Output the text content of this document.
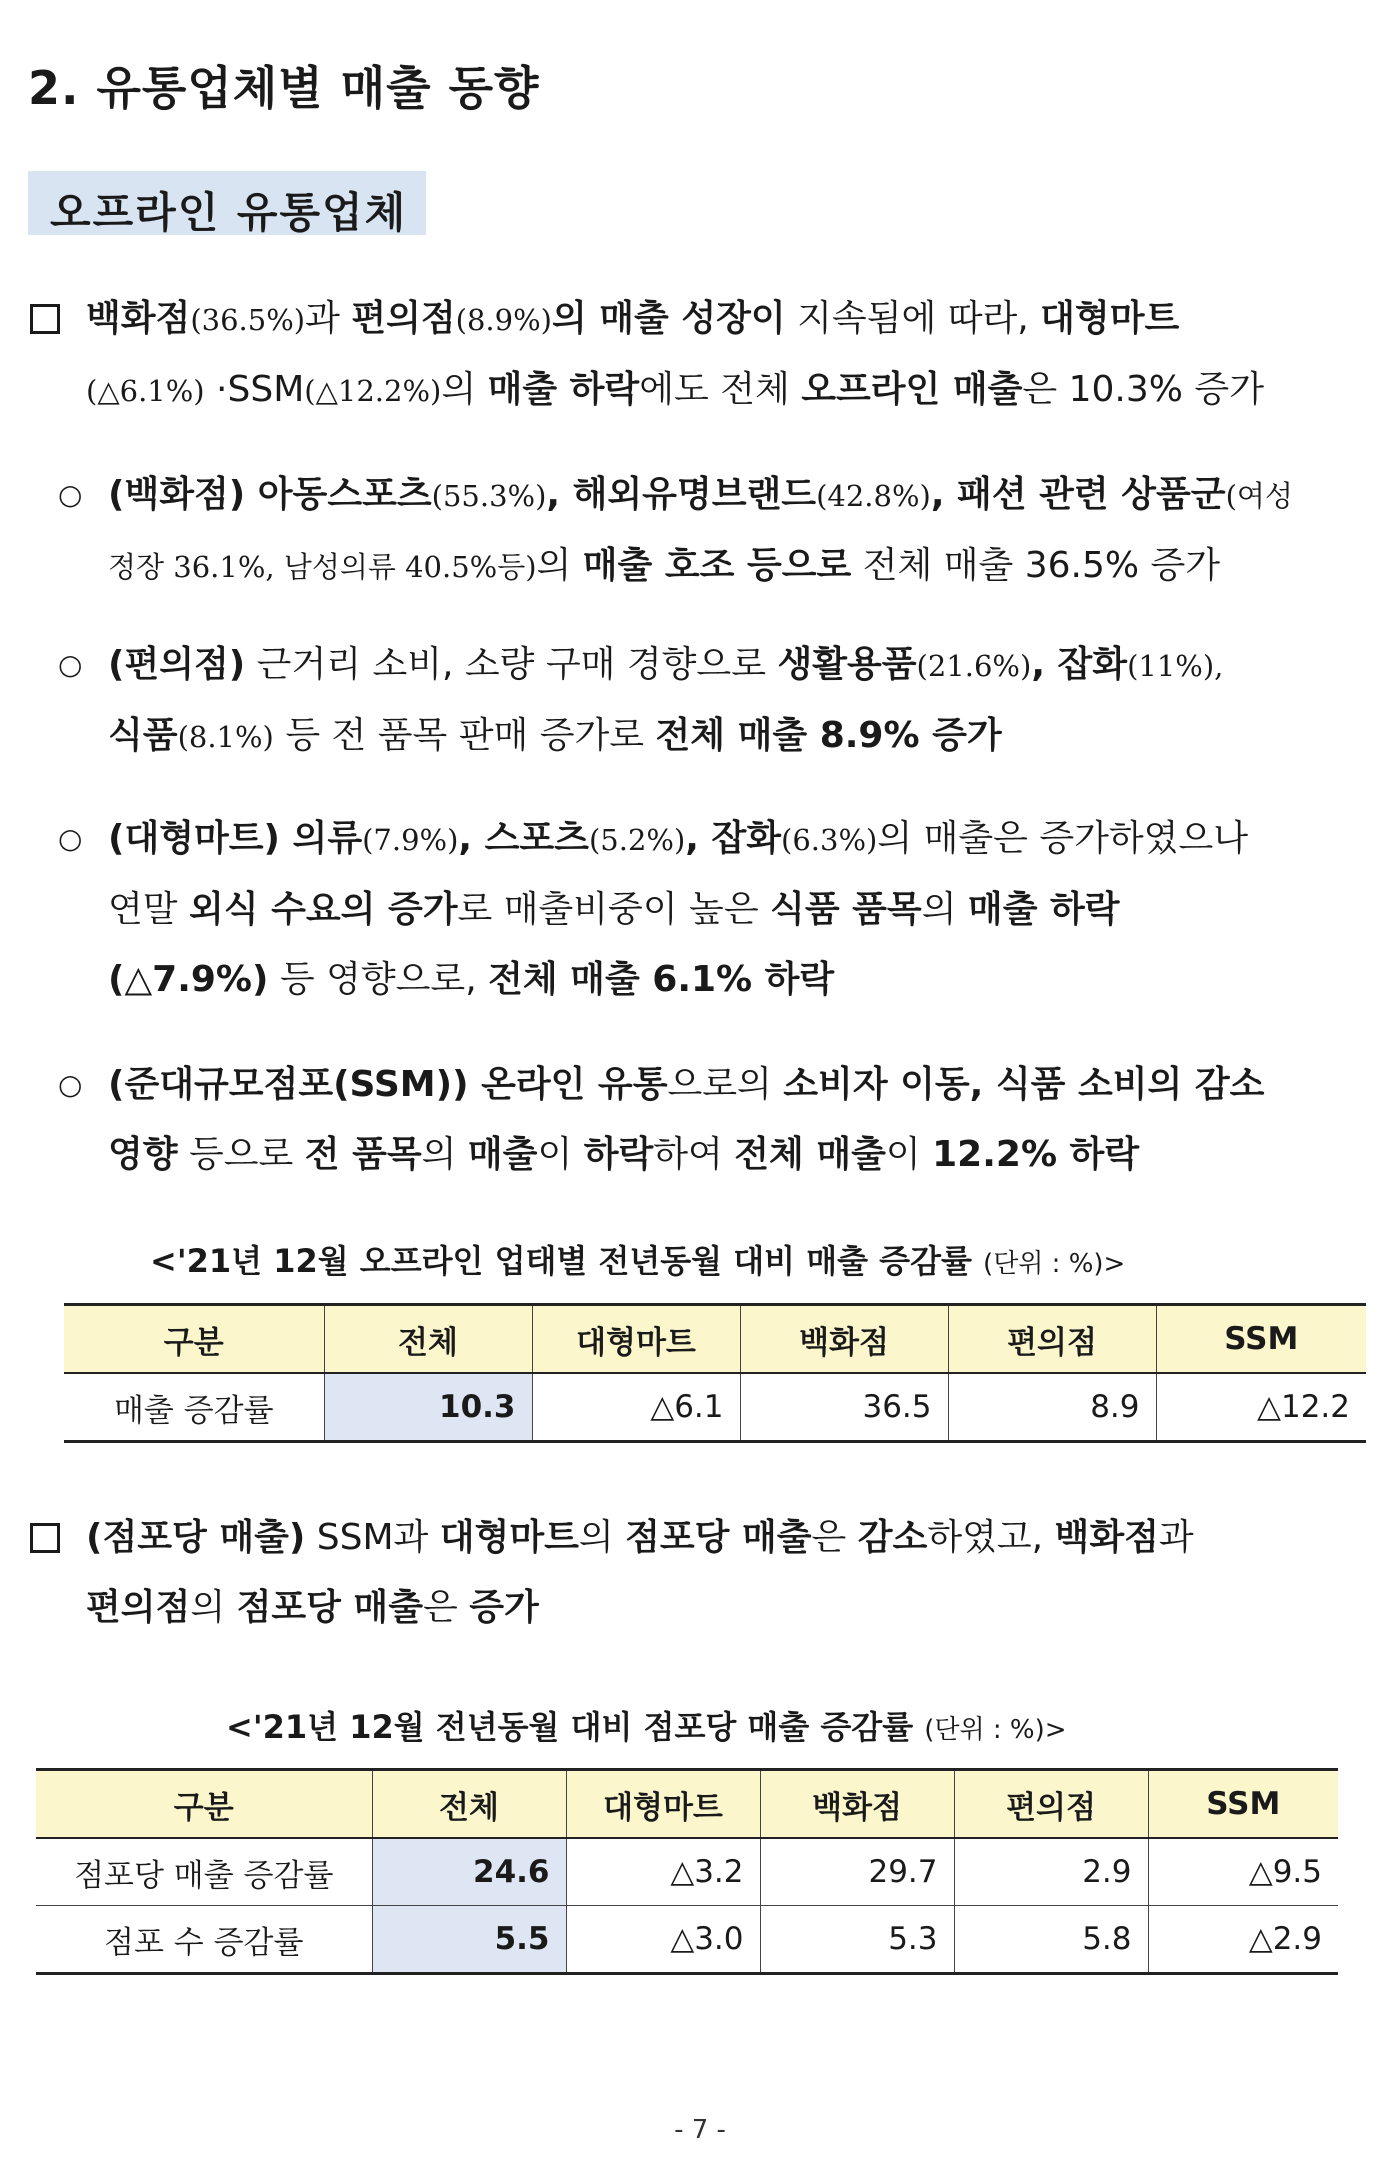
2. 유통업체별 매출 동향
오프라인 유통업체
백화점(36.5%)과 편의점(8.9%)의 매출 성장이 지속됨에 따라, 대형마트
(△6.1%) ·SSM(△12.2%)의 매출 하락에도 전체 오프라인 매출은 10.3% 증가
○ (백화점) 아동스포츠(55.3%), 해외유명브랜드(42.8%), 패션 관련 상품군(여성
정장 36.1%, 남성의류 40.5%등)의 매출 호조 등으로 전체 매출 36.5% 증가
○ (편의점) 근거리 소비, 소량 구매 경향으로 생활용품(21.6%), 잡화(11%),
식품(8.1%) 등 전 품목 판매 증가로 전체 매출 8.9% 증가
○ (대형마트) 의류(7.9%), 스포츠(5.2%), 잡화(6.3%)의 매출은 증가하였으나
연말 외식 수요의 증가로 매출비중이 높은 식품 품목의 매출 하락
(△7.9%) 등 영향으로, 전체 매출 6.1% 하락
○ (준대규모점포(SSM)) 온라인 유통으로의 소비자 이동, 식품 소비의 감소
영향 등으로 전 품목의 매출이 하락하여 전체 매출이 12.2% 하락
<'21년 12월 오프라인 업태별 전년동월 대비 매출 증감률 (단위 : %)>
구분	전체	대형마트	백화점	편의점	SSM
매출 증감률	10.3	△6.1	36.5	8.9	△12.2
(점포당 매출) SSM과 대형마트의 점포당 매출은 감소하였고, 백화점과
편의점의 점포당 매출은 증가
<'21년 12월 전년동월 대비 점포당 매출 증감률 (단위 : %)>
구분	전체	대형마트	백화점	편의점	SSM
점포당 매출 증감률	24.6	△3.2	29.7	2.9	△9.5
점포 수 증감률	5.5	△3.0	5.3	5.8	△2.9
- 7 -
